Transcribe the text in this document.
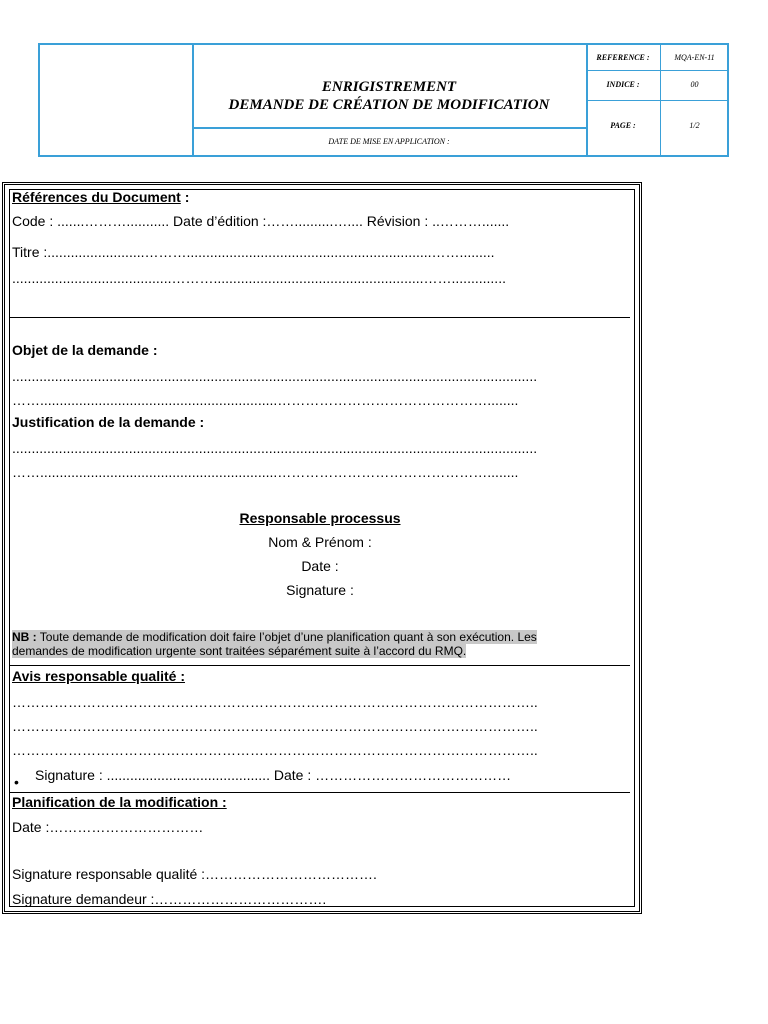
ENRIGISTREMENT
DEMANDE DE CRÉATION DE MODIFICATION
DATE DE MISE EN APPLICATION :
REFERENCE :	MQA-EN-11
INDICE :	00
PAGE :	1/2
Références du Document :
Code : .......………........... Date d’édition :……..........….... Révision : ..……….......
Titre :.........................………...............................................................…….........
.........................................………......................................................……..............
Objet de la demande :
.......................................................................................................................................
…….............................................................………………………………………........
Justification de la demande :
.......................................................................................................................................
…….............................................................………………………………………........
Responsable processus
Nom & Prénom :
Date :
Signature :
NB : Toute demande de modification doit faire l’objet d’une planification quant à son exécution. Les
demandes de modification urgente sont traitées séparément suite à l’accord du RMQ.
Avis responsable qualité :
…………………………………………………………………………………………………..
…………………………………………………………………………………………………..
…………………………………………………………………………………………………..
• Signature : .......................................... Date : ……………………………………
Planification de la modification :
Date :……………………………
Signature responsable qualité :……………………………….
Signature demandeur :……………………………….
